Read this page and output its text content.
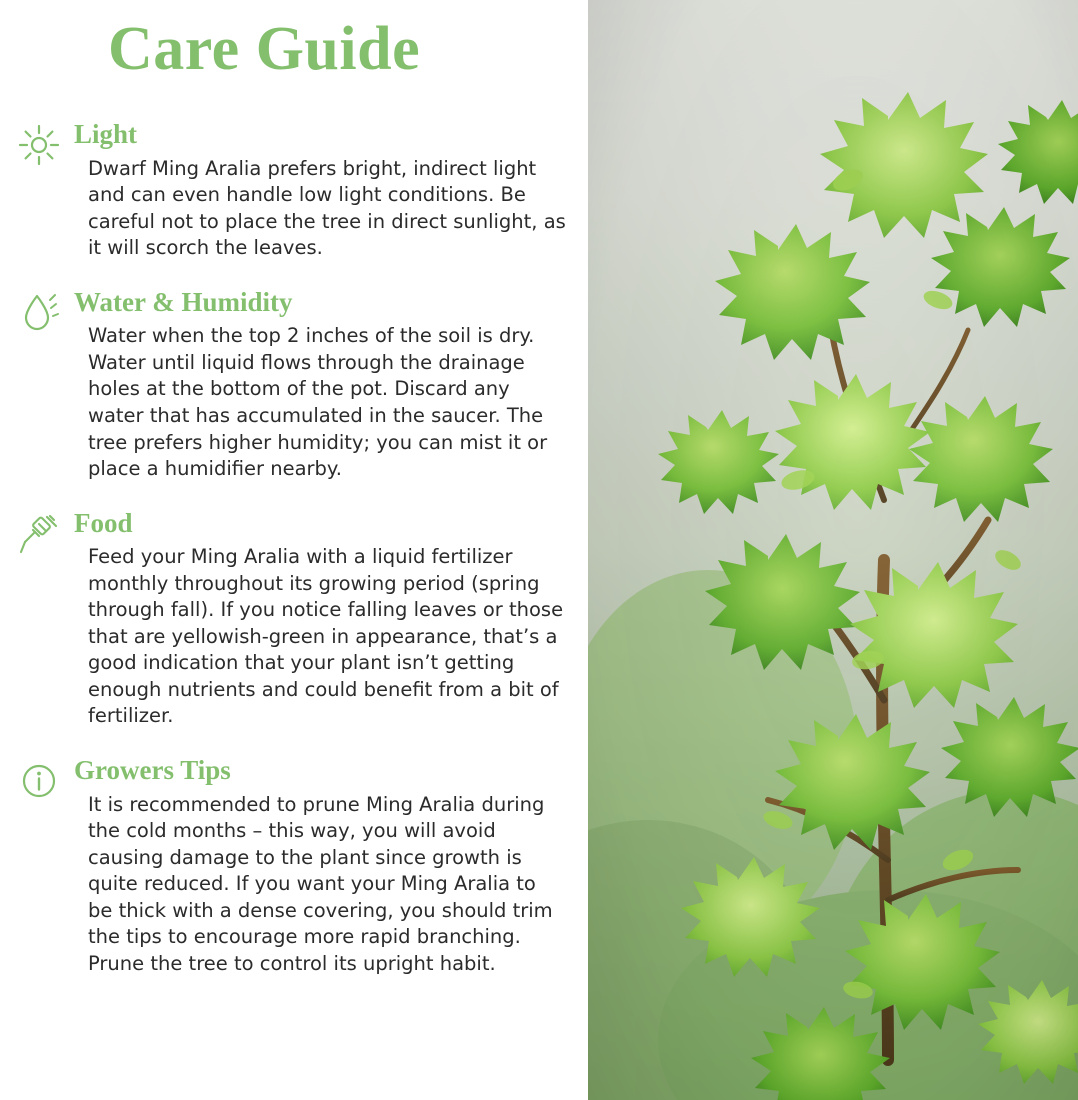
Care Guide
Light

Dwarf Ming Aralia prefers bright, indirect light and can even handle low light conditions. Be careful not to place the tree in direct sunlight, as it will scorch the leaves.

Water & Humidity

Water when the top 2 inches of the soil is dry. Water until liquid flows through the drainage holes at the bottom of the pot. Discard any water that has accumulated in the saucer. The tree prefers higher humidity; you can mist it or place a humidifier nearby.

Food

Feed your Ming Aralia with a liquid fertilizer monthly throughout its growing period (spring through fall). If you notice falling leaves or those that are yellowish-green in appearance, that’s a good indication that your plant isn’t getting enough nutrients and could benefit from a bit of fertilizer.

Growers Tips

It is recommended to prune Ming Aralia during the cold months – this way, you will avoid causing damage to the plant since growth is quite reduced. If you want your Ming Aralia to be thick with a dense covering, you should trim the tips to encourage more rapid branching. Prune the tree to control its upright habit.
